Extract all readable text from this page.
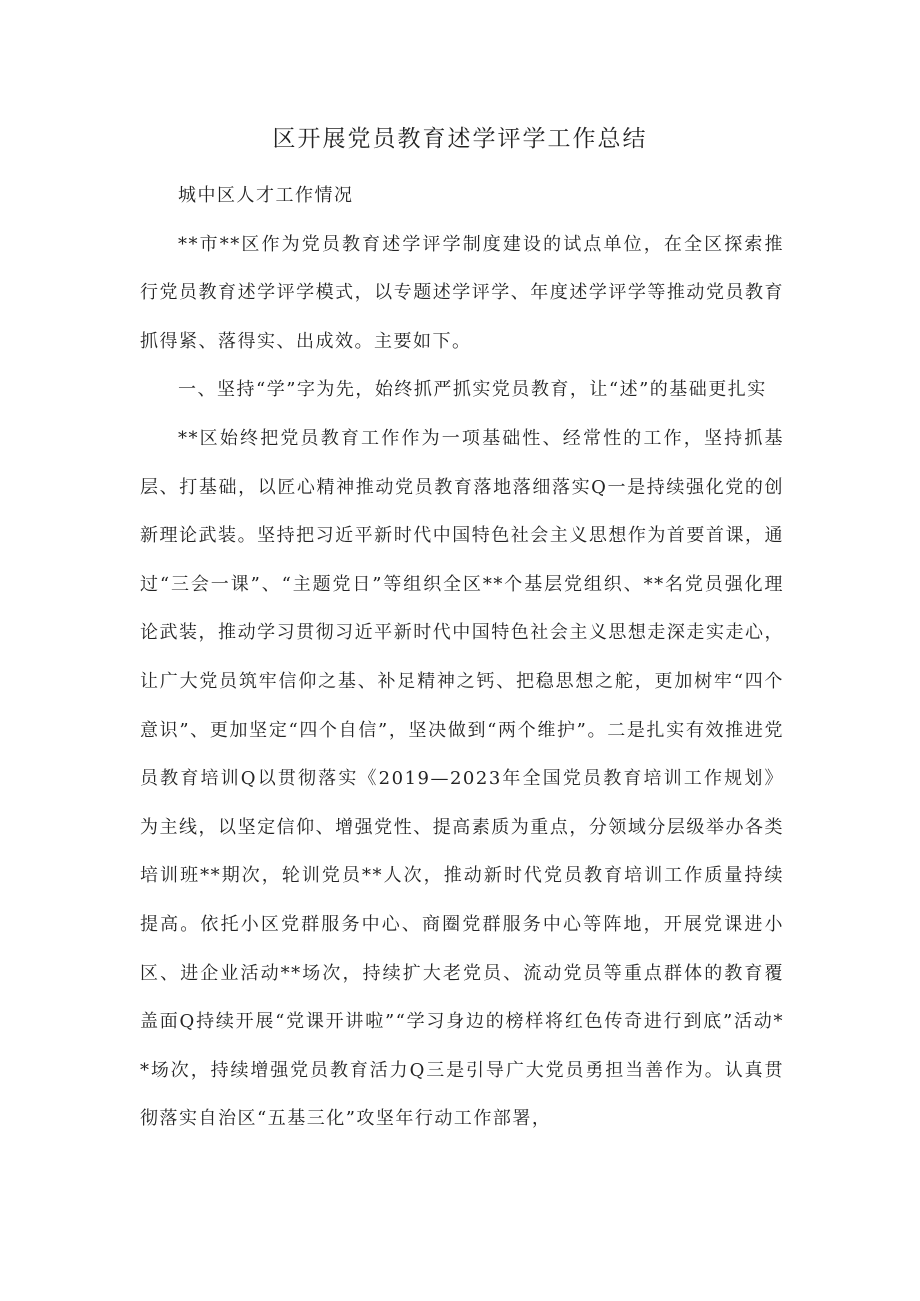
区开展党员教育述学评学工作总结

城中区人才工作情况

**市**区作为党员教育述学评学制度建设的试点单位，在全区探索推行党员教育述学评学模式，以专题述学评学、年度述学评学等推动党员教育抓得紧、落得实、出成效。主要如下。

一、坚持“学”字为先，始终抓严抓实党员教育，让“述”的基础更扎实

**区始终把党员教育工作作为一项基础性、经常性的工作，坚持抓基层、打基础，以匠心精神推动党员教育落地落细落实Q一是持续强化党的创新理论武装。坚持把习近平新时代中国特色社会主义思想作为首要首课，通过“三会一课”、“主题党日”等组织全区**个基层党组织、**名党员强化理论武装，推动学习贯彻习近平新时代中国特色社会主义思想走深走实走心，让广大党员筑牢信仰之基、补足精神之钙、把稳思想之舵，更加树牢“四个意识”、更加坚定“四个自信”，坚决做到“两个维护”。二是扎实有效推进党员教育培训Q以贯彻落实《2019—2023年全国党员教育培训工作规划》为主线，以坚定信仰、增强党性、提高素质为重点，分领域分层级举办各类培训班**期次，轮训党员**人次，推动新时代党员教育培训工作质量持续提高。依托小区党群服务中心、商圈党群服务中心等阵地，开展党课进小区、进企业活动**场次，持续扩大老党员、流动党员等重点群体的教育覆盖面Q持续开展“党课开讲啦”“学习身边的榜样将红色传奇进行到底”活动**场次，持续增强党员教育活力Q三是引导广大党员勇担当善作为。认真贯彻落实自治区“五基三化”攻坚年行动工作部署，
